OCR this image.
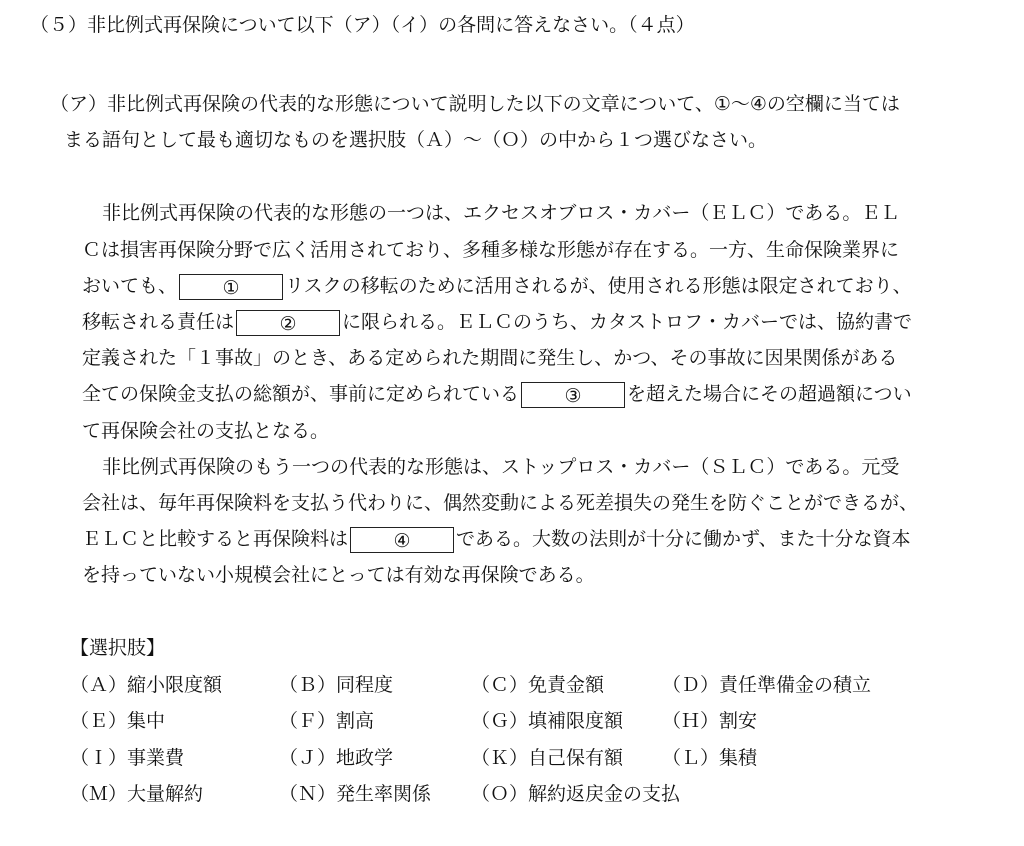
（５）非比例式再保険について以下（ア）（イ）の各問に答えなさい。（４点）
（ア）非比例式再保険の代表的な形態について説明した以下の文章について、①～④の空欄に当ては
まる語句として最も適切なものを選択肢（Ａ）～（Ｏ）の中から１つ選びなさい。
非比例式再保険の代表的な形態の一つは、エクセスオブロス・カバー（ＥＬＣ）である。ＥＬ
Ｃは損害再保険分野で広く活用されており、多種多様な形態が存在する。一方、生命保険業界に
おいても、 ① リスクの移転のために活用されるが、使用される形態は限定されており、
移転される責任は ② に限られる。ＥＬＣのうち、カタストロフ・カバーでは、協約書で
定義された「１事故」のとき、ある定められた期間に発生し、かつ、その事故に因果関係がある
全ての保険金支払の総額が、事前に定められている ③ を超えた場合にその超過額につい
て再保険会社の支払となる。
非比例式再保険のもう一つの代表的な形態は、ストップロス・カバー（ＳＬＣ）である。元受
会社は、毎年再保険料を支払う代わりに、偶然変動による死差損失の発生を防ぐことができるが、
ＥＬＣと比較すると再保険料は ④ である。大数の法則が十分に働かず、また十分な資本
を持っていない小規模会社にとっては有効な再保険である。
【選択肢】
（Ａ）縮小限度額	（Ｂ）同程度	（Ｃ）免責金額	（Ｄ）責任準備金の積立
（Ｅ）集中	（Ｆ）割高	（Ｇ）填補限度額 （Ｈ）割安
（Ｉ）事業費	（Ｊ）地政学	（Ｋ）自己保有額 （Ｌ）集積
（Ｍ）大量解約	（Ｎ）発生率関係 （Ｏ）解約返戻金の支払
